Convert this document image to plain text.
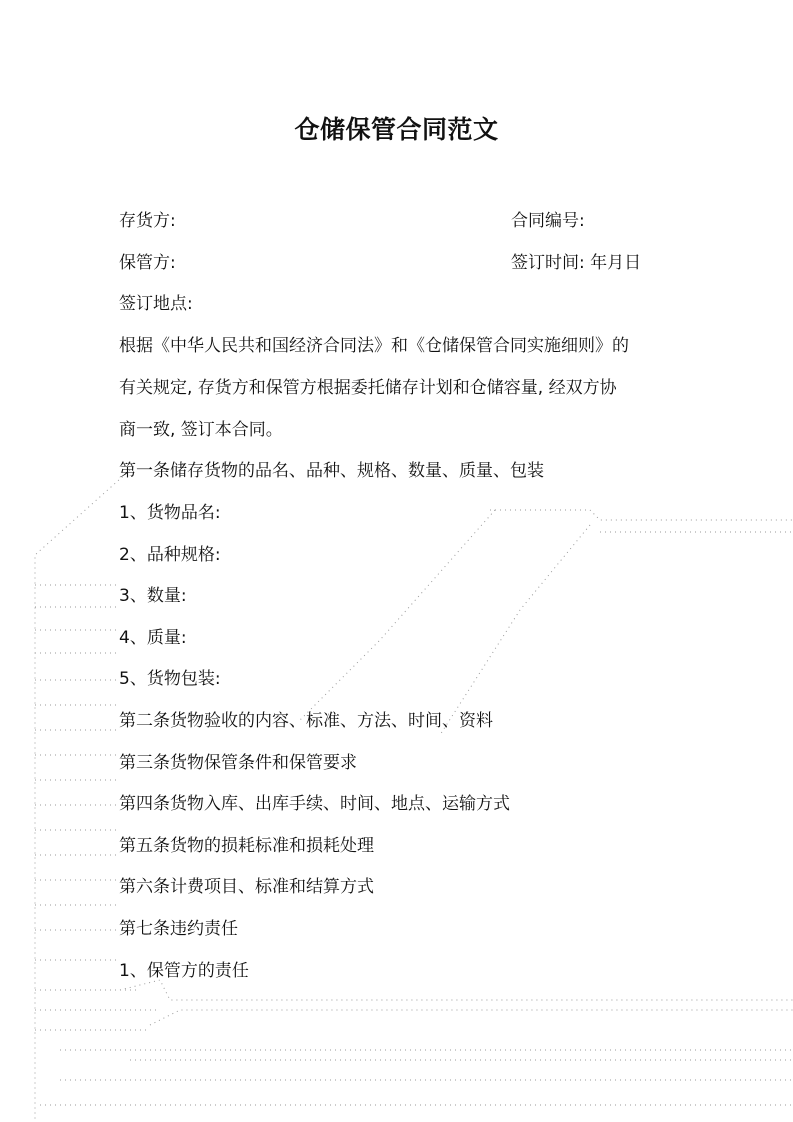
仓储保管合同范文
存货方:	合同编号:
保管方:	签订时间: 年月日
签订地点:
根据《中华人民共和国经济合同法》和《仓储保管合同实施细则》的
有关规定, 存货方和保管方根据委托储存计划和仓储容量, 经双方协
商一致, 签订本合同。
第一条储存货物的品名、品种、规格、数量、质量、包装
1、货物品名:
2、品种规格:
3、数量:
4、质量:
5、货物包装:
第二条货物验收的内容、标准、方法、时间、资料
第三条货物保管条件和保管要求
第四条货物入库、出库手续、时间、地点、运输方式
第五条货物的损耗标准和损耗处理
第六条计费项目、标准和结算方式
第七条违约责任
1、保管方的责任
